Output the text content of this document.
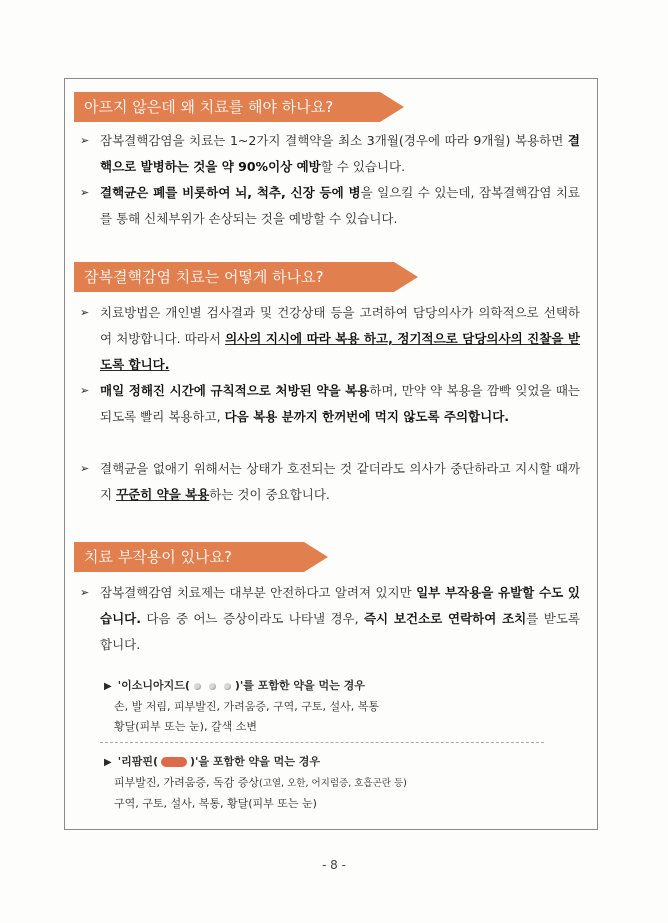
아프지 않은데 왜 치료를 해야 하나요?
➢ 잠복결핵감염을 치료는 1~2가지 결핵약을 최소 3개월(경우에 따라 9개월) 복용하면 결핵으로 발병하는 것을 약 90%이상 예방할 수 있습니다.
➢ 결핵균은 폐를 비롯하여 뇌, 척추, 신장 등에 병을 일으킬 수 있는데, 잠복결핵감염 치료를 통해 신체부위가 손상되는 것을 예방할 수 있습니다.
잠복결핵감염 치료는 어떻게 하나요?
➢ 치료방법은 개인별 검사결과 및 건강상태 등을 고려하여 담당의사가 의학적으로 선택하여 처방합니다. 따라서 의사의 지시에 따라 복용 하고, 정기적으로 담당의사의 진찰을 받도록 합니다.
➢ 매일 정해진 시간에 규칙적으로 처방된 약을 복용하며, 만약 약 복용을 깜빡 잊었을 때는 되도록 빨리 복용하고, 다음 복용 분까지 한꺼번에 먹지 않도록 주의합니다.
➢ 결핵균을 없애기 위해서는 상태가 호전되는 것 같더라도 의사가 중단하라고 지시할 때까지 꾸준히 약을 복용하는 것이 중요합니다.
치료 부작용이 있나요?
➢ 잠복결핵감염 치료제는 대부분 안전하다고 알려져 있지만 일부 부작용을 유발할 수도 있습니다. 다음 중 어느 증상이라도 나타낼 경우, 즉시 보건소로 연락하여 조치를 받도록 합니다.
▶ '이소니아지드(	)'를 포함한 약을 먹는 경우
손, 발 저림, 피부발진, 가려움증, 구역, 구토, 설사, 복통
황달(피부 또는 눈), 갈색 소변
▶ '리팜핀(	)'을 포함한 약을 먹는 경우
피부발진, 가려움증, 독감 증상(고열, 오한, 어지럼증, 호흡곤란 등)
구역, 구토, 설사, 복통, 황달(피부 또는 눈)
- 8 -
